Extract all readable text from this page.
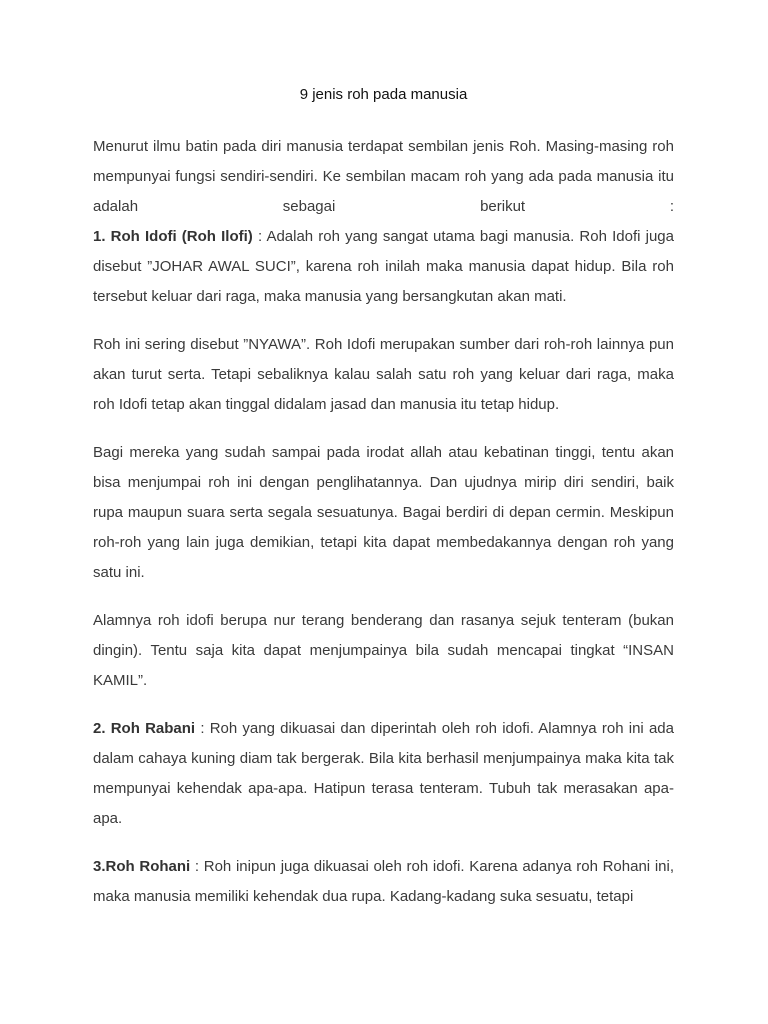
9 jenis roh pada manusia
Menurut ilmu batin pada diri manusia terdapat sembilan jenis Roh. Masing-masing roh mempunyai fungsi sendiri-sendiri. Ke sembilan macam roh yang ada pada manusia itu adalah sebagai berikut :
1. Roh Idofi (Roh Ilofi) : Adalah roh yang sangat utama bagi manusia. Roh Idofi juga disebut ”JOHAR AWAL SUCI”, karena roh inilah maka manusia dapat hidup. Bila roh tersebut keluar dari raga, maka manusia yang bersangkutan akan mati.
Roh ini sering disebut ”NYAWA”. Roh Idofi merupakan sumber dari roh-roh lainnya pun akan turut serta. Tetapi sebaliknya kalau salah satu roh yang keluar dari raga, maka roh Idofi tetap akan tinggal didalam jasad dan manusia itu tetap hidup.
Bagi mereka yang sudah sampai pada irodat allah atau kebatinan tinggi, tentu akan bisa menjumpai roh ini dengan penglihatannya. Dan ujudnya mirip diri sendiri, baik rupa maupun suara serta segala sesuatunya. Bagai berdiri di depan cermin. Meskipun roh-roh yang lain juga demikian, tetapi kita dapat membedakannya dengan roh yang satu ini.
Alamnya roh idofi berupa nur terang benderang dan rasanya sejuk tenteram (bukan dingin). Tentu saja kita dapat menjumpainya bila sudah mencapai tingkat “INSAN KAMIL”.
2. Roh Rabani : Roh yang dikuasai dan diperintah oleh roh idofi. Alamnya roh ini ada dalam cahaya kuning diam tak bergerak. Bila kita berhasil menjumpainya maka kita tak mempunyai kehendak apa-apa. Hatipun terasa tenteram. Tubuh tak merasakan apa-apa.
3.Roh Rohani : Roh inipun juga dikuasai oleh roh idofi. Karena adanya roh Rohani ini, maka manusia memiliki kehendak dua rupa. Kadang-kadang suka sesuatu, tetapi
